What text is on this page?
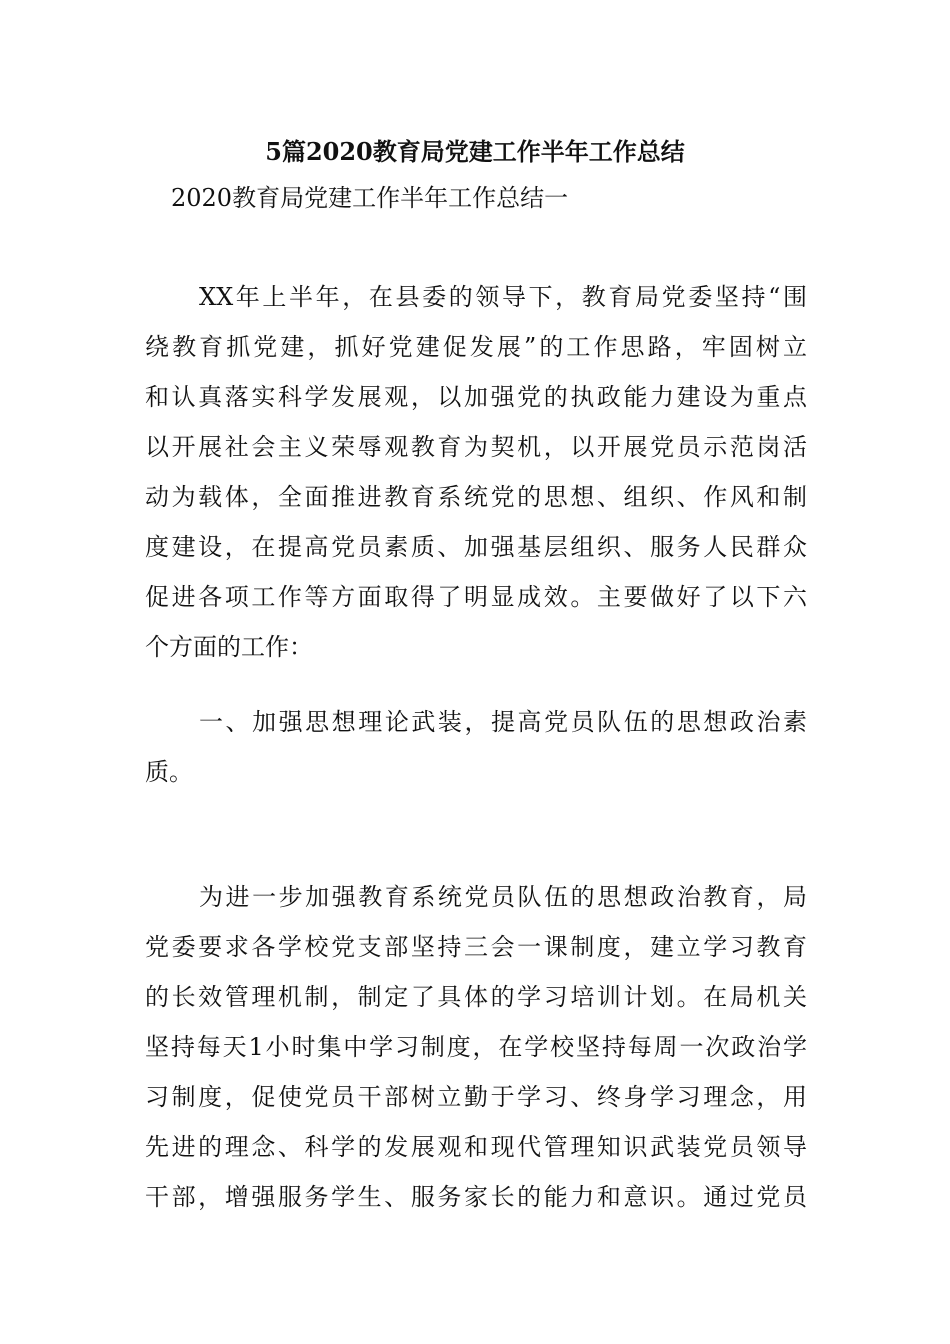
5篇2020教育局党建工作半年工作总结

2020教育局党建工作半年工作总结一

XX年上半年，在县委的领导下，教育局党委坚持“围
绕教育抓党建，抓好党建促发展”的工作思路，牢固树立
和认真落实科学发展观，以加强党的执政能力建设为重点
以开展社会主义荣辱观教育为契机，以开展党员示范岗活
动为载体，全面推进教育系统党的思想、组织、作风和制
度建设，在提高党员素质、加强基层组织、服务人民群众
促进各项工作等方面取得了明显成效。主要做好了以下六
个方面的工作：
一、加强思想理论武装，提高党员队伍的思想政治素
质。
为进一步加强教育系统党员队伍的思想政治教育，局
党委要求各学校党支部坚持三会一课制度，建立学习教育
的长效管理机制，制定了具体的学习培训计划。在局机关
坚持每天1小时集中学习制度，在学校坚持每周一次政治学
习制度，促使党员干部树立勤于学习、终身学习理念，用
先进的理念、科学的发展观和现代管理知识武装党员领导
干部，增强服务学生、服务家长的能力和意识。通过党员
